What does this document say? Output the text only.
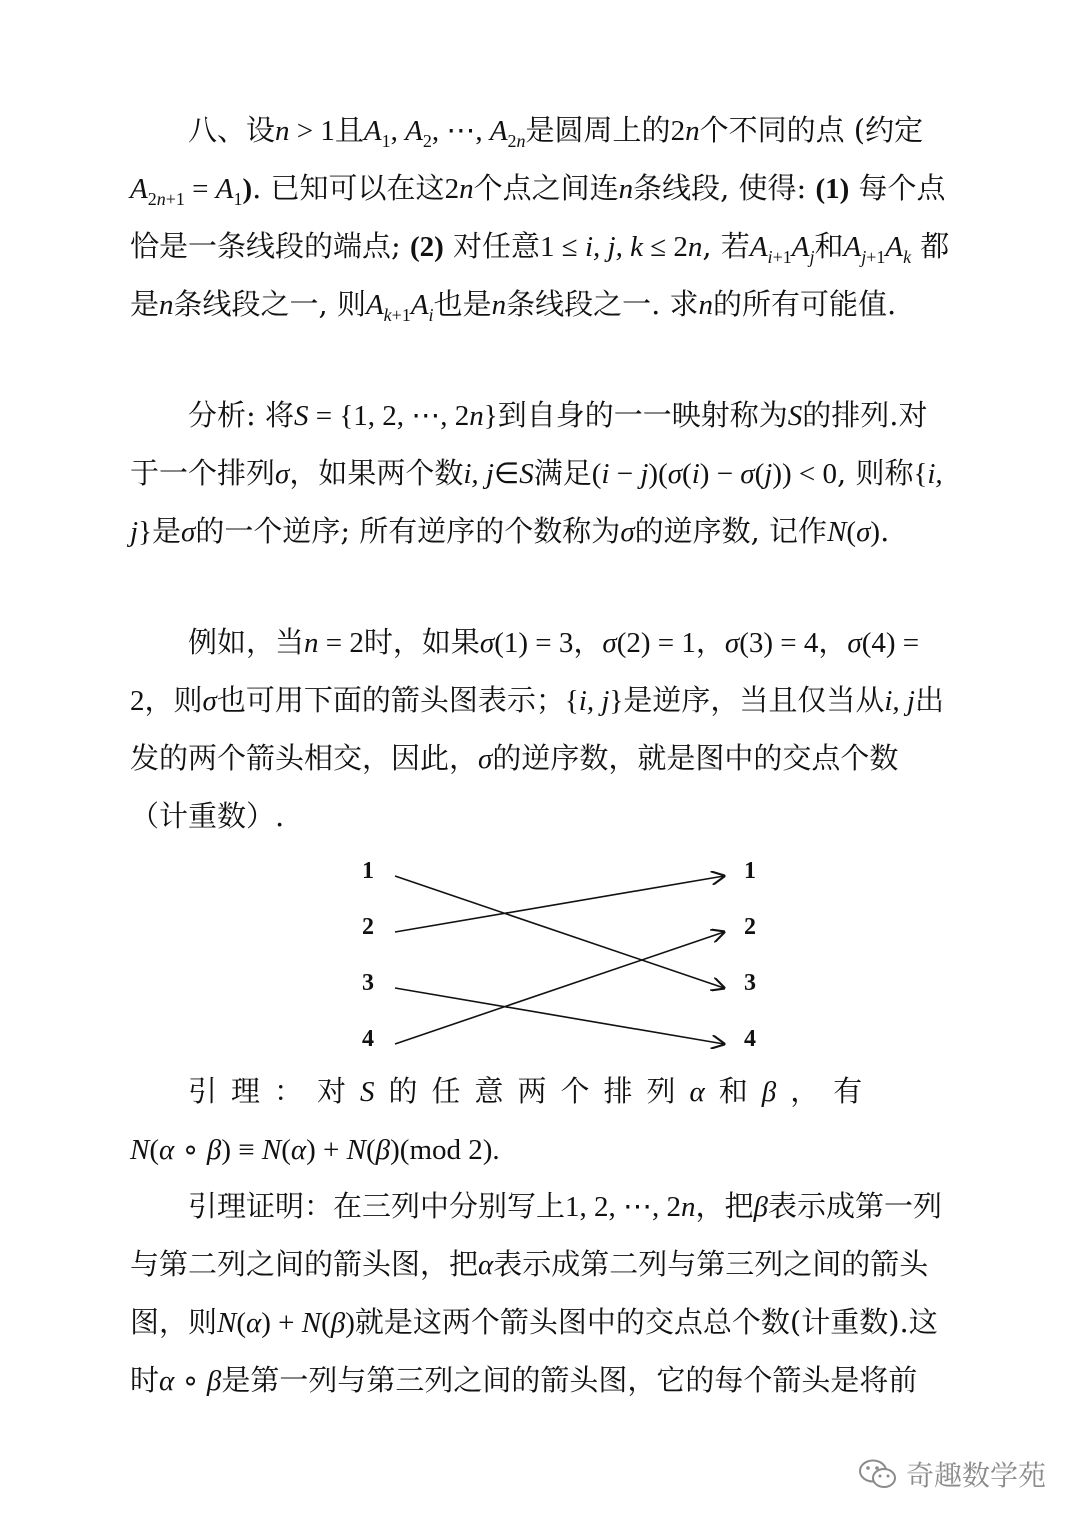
八、设n > 1且$A_1$, $A_2$, ⋯, $A_{2n}$是圆周上的2n个不同的点 (约定$A_{2n+1} = A_1$). 已知可以在这2n个点之间连n条线段, 使得: (1) 每个点恰是一条线段的端点; (2) 对任意1 ≤ i, j, k ≤ 2n, 若$A_{i+1}A_j$和$A_{j+1}A_k$ 都是n条线段之一, 则$A_{k+1}A_i$也是n条线段之一. 求n的所有可能值.

分析: 将S = {1, 2, ⋯, 2n}到自身的一一映射称为S的排列.对于一个排列σ，如果两个数i, j∈S满足(i − j)(σ(i) − σ(j)) < 0, 则称{i, j}是σ的一个逆序; 所有逆序的个数称为σ的逆序数, 记作N(σ).

例如，当n = 2时，如果σ(1) = 3，σ(2) = 1，σ(3) = 4，σ(4) = 2，则σ也可用下面的箭头图表示；{i, j}是逆序，当且仅当从i, j出发的两个箭头相交，因此，σ的逆序数，就是图中的交点个数（计重数）.

1
2
3
4
1
2
3
4

引理：对S的任意两个排列α和β，有
N(α ∘ β) ≡ N(α) + N(β)(mod 2).

引理证明：在三列中分别写上1, 2, ⋯, 2n，把β表示成第一列与第二列之间的箭头图，把α表示成第二列与第三列之间的箭头图，则N(α) + N(β)就是这两个箭头图中的交点总个数(计重数).这时α ∘ β是第一列与第三列之间的箭头图，它的每个箭头是将前

奇趣数学苑
